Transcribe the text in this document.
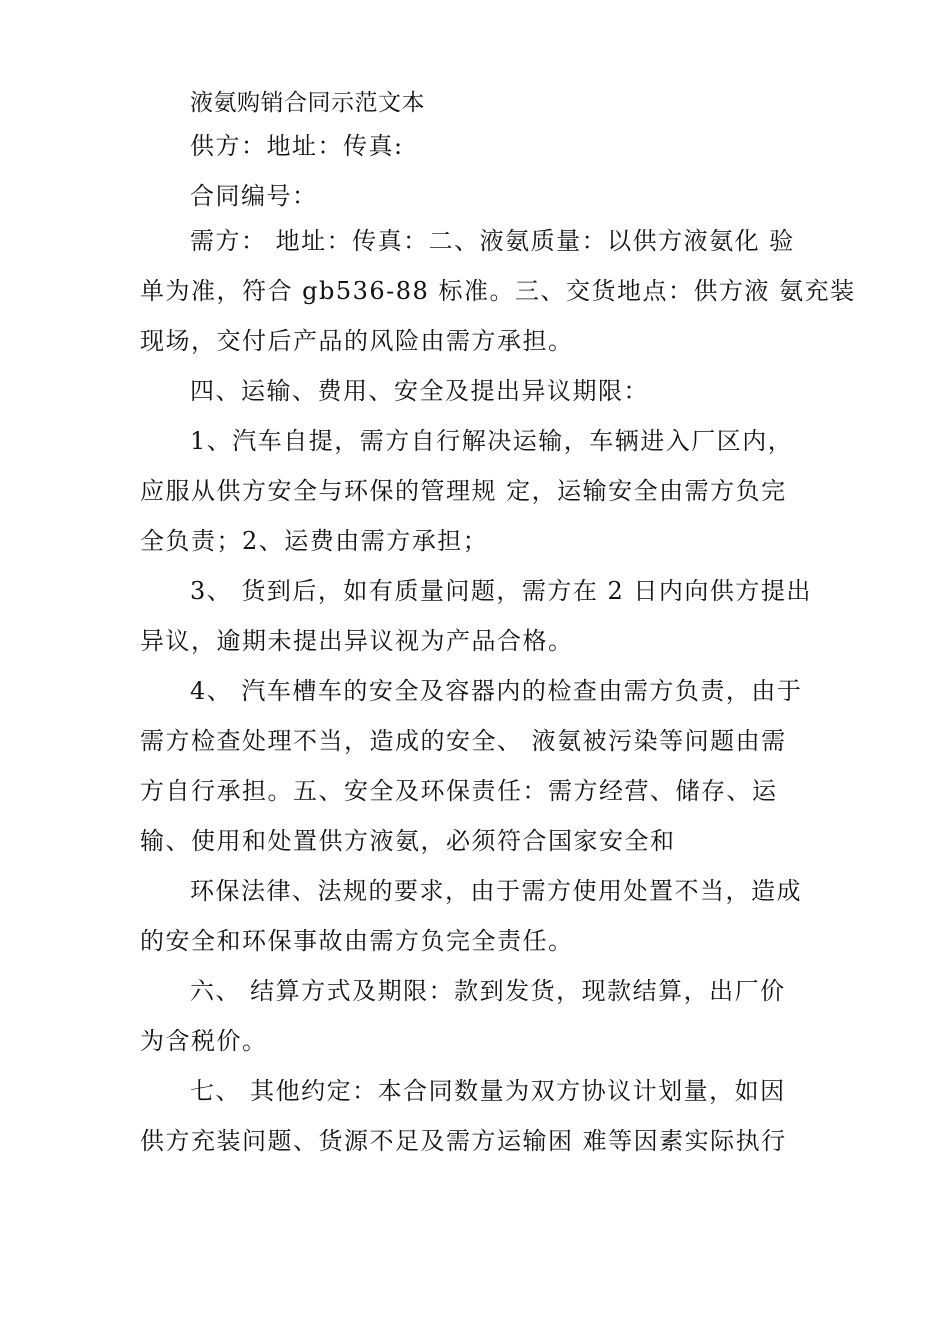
液氨购销合同示范文本
供方：地址：传真:
合同编号：
需方： 地址：传真：二、液氨质量：以供方液氨化 验
单为准，符合 gb536-88 标准。三、交货地点：供方液 氨充装
现场，交付后产品的风险由需方承担。
四、运输、费用、安全及提出异议期限：
1、汽车自提，需方自行解决运输，车辆进入厂区内，
应服从供方安全与环保的管理规 定，运输安全由需方负完
全负责；2、运费由需方承担；
3、 货到后，如有质量问题，需方在 2 日内向供方提出
异议，逾期未提出异议视为产品合格。
4、 汽车槽车的安全及容器内的检查由需方负责，由于
需方检查处理不当，造成的安全、 液氨被污染等问题由需
方自行承担。五、安全及环保责任：需方经营、储存、运
输、使用和处置供方液氨，必须符合国家安全和
环保法律、法规的要求，由于需方使用处置不当，造成
的安全和环保事故由需方负完全责任。
六、 结算方式及期限：款到发货，现款结算，出厂价
为含税价。
七、 其他约定：本合同数量为双方协议计划量，如因
供方充装问题、货源不足及需方运输困 难等因素实际执行
